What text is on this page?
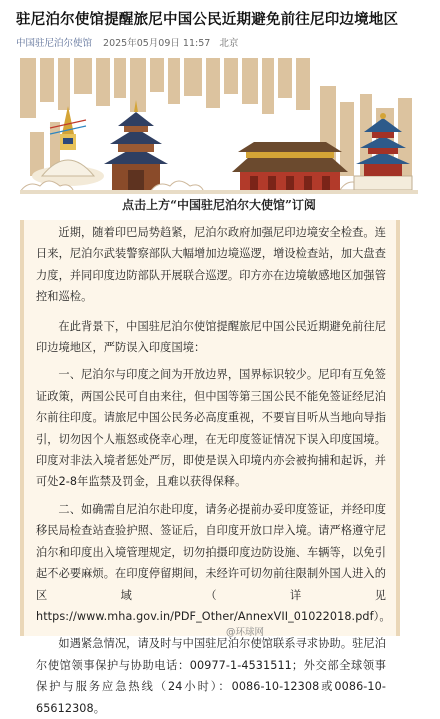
驻尼泊尔使馆提醒旅尼中国公民近期避免前往尼印边境地区
中国驻尼泊尔使馆 2025年05月09日 11:57 北京
点击上方“中国驻尼泊尔大使馆”订阅

近期，随着印巴局势趋紧，尼泊尔政府加强尼印边境安全检查。连日来，尼泊尔武装警察部队大幅增加边境巡逻，增设检查站，加大盘查力度，并同印度边防部队开展联合巡逻。印方亦在边境敏感地区加强管控和巡检。

在此背景下，中国驻尼泊尔使馆提醒旅尼中国公民近期避免前往尼印边境地区，严防误入印度国境：

一、尼泊尔与印度之间为开放边界，国界标识较少。尼印有互免签证政策，两国公民可自由来往，但中国等第三国公民不能免签证经尼泊尔前往印度。请旅尼中国公民务必高度重视，不要盲目听从当地向导指引，切勿因个人瓶怒或侥幸心理，在无印度签证情况下误入印度国境。印度对非法入境者惩处严厉，即使是误入印境内亦会被拘捕和起诉，并可处2-8年监禁及罚金，且难以获得保释。

二、如确需自尼泊尔赴印度，请务必提前办妥印度签证，并经印度移民局检查站查验护照、签证后，自印度开放口岸入境。请严格遵守尼泊尔和印度出入境管理规定，切勿拍摄印度边防设施、车辆等，以免引起不必要麻烦。在印度停留期间，未经许可切勿前往限制外国人进入的区域（详见https://www.mha.gov.in/PDF_Other/AnnexVII_01022018.pdf）。

如遇紧急情况，请及时与中国驻尼泊尔使馆联系寻求协助。驻尼泊尔使馆领事保护与协助电话：00977-1-4531511；外交部全球领事保护与服务应急热线（24小时）：0086-10-12308或0086-10-65612308。

@环球网
